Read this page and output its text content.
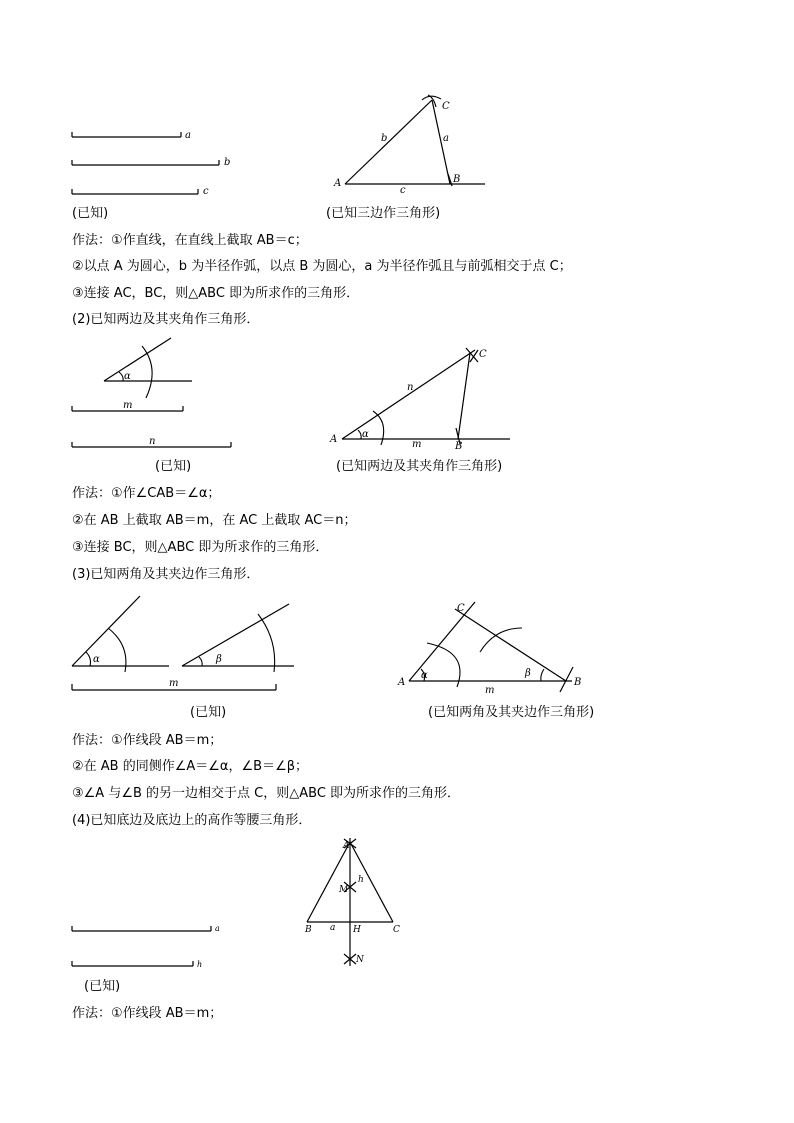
a
b
c
A	B
C
a
b
c
α
m
n	A
B
C
α
m
n
α	β
m	A	B
C
α	β
m
a
h
A
M
h
B a H	C
N
(已知)	(已知三边作三角形)
作法：①作直线，在直线上截取 AB＝c；
②以点 A 为圆心，b 为半径作弧，以点 B 为圆心，a 为半径作弧且与前弧相交于点 C；
③连接 AC，BC，则△ABC 即为所求作的三角形．
(2)已知两边及其夹角作三角形．
(已知)	(已知两边及其夹角作三角形)
作法：①作∠CAB＝∠α；
②在 AB 上截取 AB＝m，在 AC 上截取 AC＝n；
③连接 BC，则△ABC 即为所求作的三角形．
(3)已知两角及其夹边作三角形．
(已知)	(已知两角及其夹边作三角形)
作法：①作线段 AB＝m；
②在 AB 的同侧作∠A＝∠α，∠B＝∠β；
③∠A 与∠B 的另一边相交于点 C，则△ABC 即为所求作的三角形．
(4)已知底边及底边上的高作等腰三角形．
(已知)
作法：①作线段 AB＝m；
